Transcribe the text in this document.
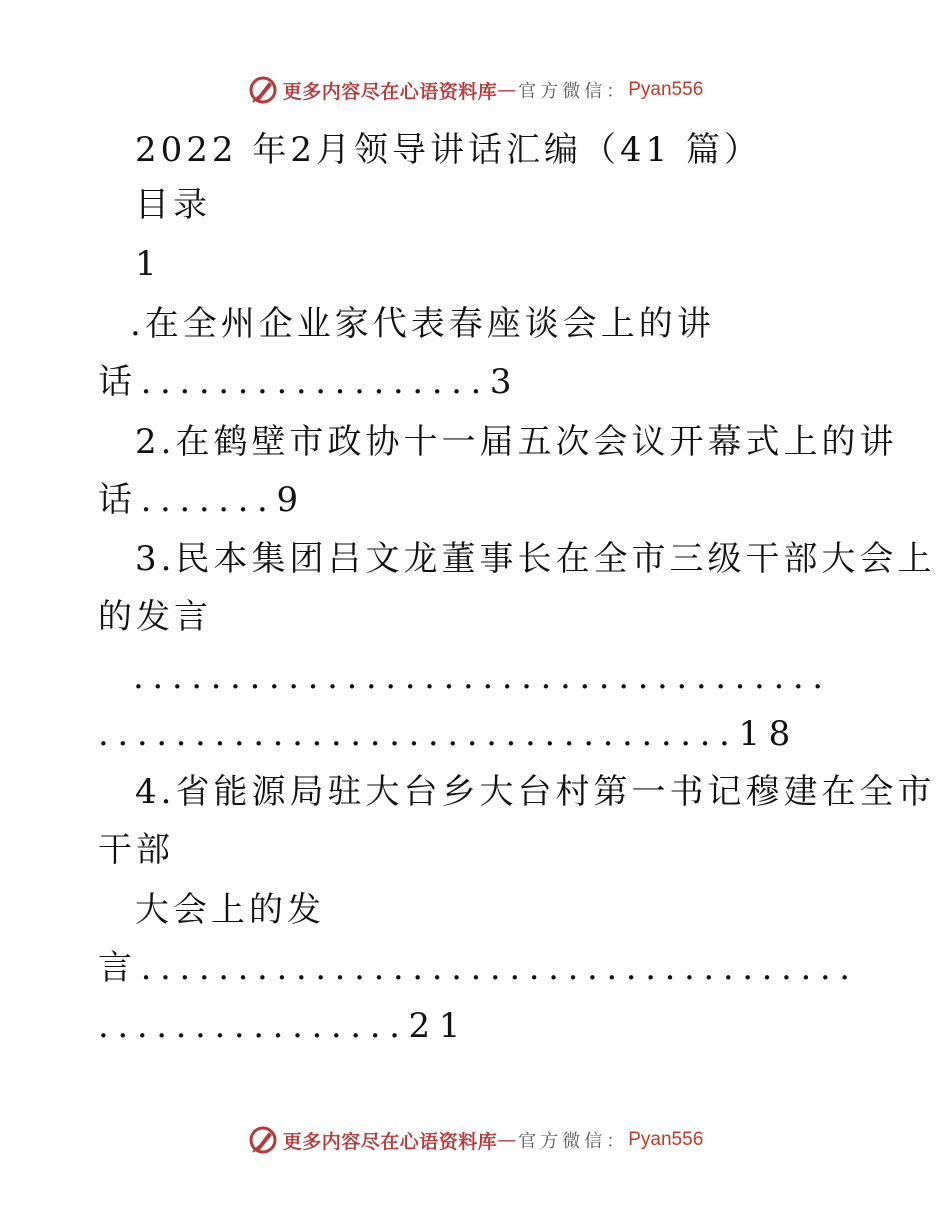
更多内容尽在心语资料库 — 官方微信： Pyan556
2022 年2月领导讲话汇编（41 篇）
目录
1
.在全州企业家代表春座谈会上的讲
话..................3
2.在鹤壁市政协十一届五次会议开幕式上的讲
话.......9
3.民本集团吕文龙董事长在全市三级干部大会上
的发言
....................................
.................................18
4.省能源局驻大台乡大台村第一书记穆建在全市
干部
大会上的发
言.....................................
................21
更多内容尽在心语资料库 — 官方微信： Pyan556
